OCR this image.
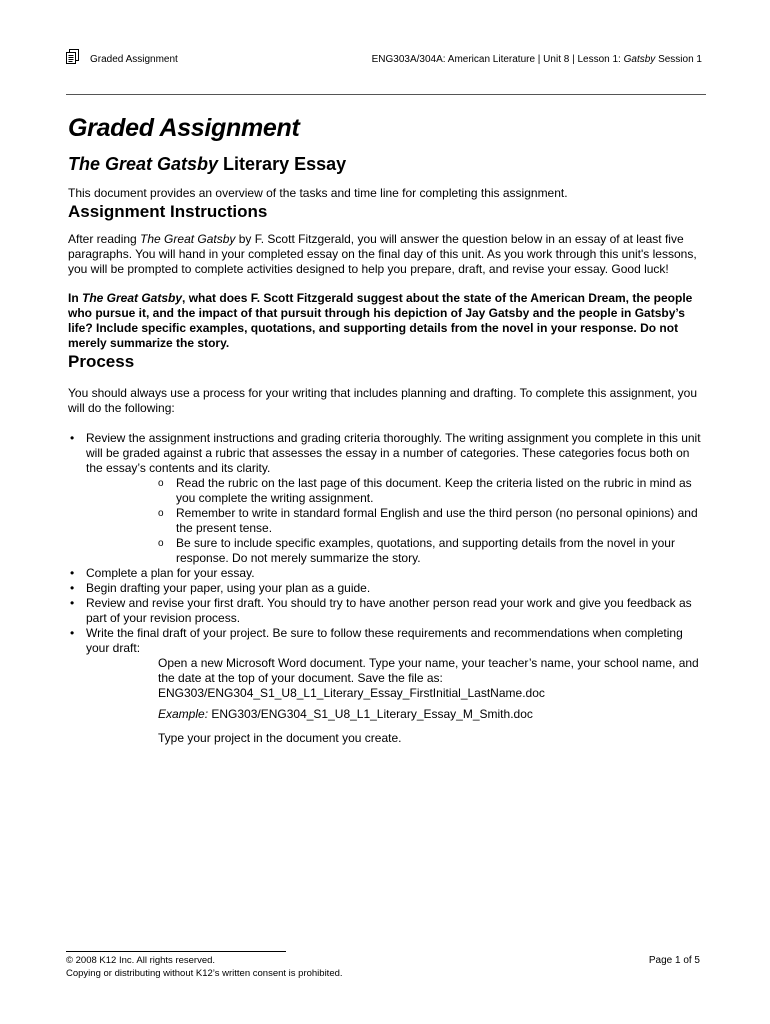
Graded Assignment	ENG303A/304A: American Literature | Unit 8 | Lesson 1: Gatsby Session 1
Graded Assignment
The Great Gatsby Literary Essay

This document provides an overview of the tasks and time line for completing this assignment.

Assignment Instructions

After reading The Great Gatsby by F. Scott Fitzgerald, you will answer the question below in an essay of at least five paragraphs. You will hand in your completed essay on the final day of this unit. As you work through this unit's lessons, you will be prompted to complete activities designed to help you prepare, draft, and revise your essay. Good luck!

In The Great Gatsby, what does F. Scott Fitzgerald suggest about the state of the American Dream, the people who pursue it, and the impact of that pursuit through his depiction of Jay Gatsby and the people in Gatsby’s life? Include specific examples, quotations, and supporting details from the novel in your response. Do not merely summarize the story.

Process

You should always use a process for your writing that includes planning and drafting. To complete this assignment, you will do the following:

• Review the assignment instructions and grading criteria thoroughly. The writing assignment you complete in this unit will be graded against a rubric that assesses the essay in a number of categories. These categories focus both on the essay’s contents and its clarity.
o Read the rubric on the last page of this document. Keep the criteria listed on the rubric in mind as you complete the writing assignment.
o Remember to write in standard formal English and use the third person (no personal opinions) and the present tense.
o Be sure to include specific examples, quotations, and supporting details from the novel in your response. Do not merely summarize the story.
• Complete a plan for your essay.
• Begin drafting your paper, using your plan as a guide.
• Review and revise your first draft. You should try to have another person read your work and give you feedback as part of your revision process.
• Write the final draft of your project. Be sure to follow these requirements and recommendations when completing your draft:
Open a new Microsoft Word document. Type your name, your teacher’s name, your school name, and the date at the top of your document. Save the file as:
ENG303/ENG304_S1_U8_L1_Literary_Essay_FirstInitial_LastName.doc
Example: ENG303/ENG304_S1_U8_L1_Literary_Essay_M_Smith.doc
Type your project in the document you create.
© 2008 K12 Inc. All rights reserved.
Copying or distributing without K12’s written consent is prohibited.
Page 1 of 5
